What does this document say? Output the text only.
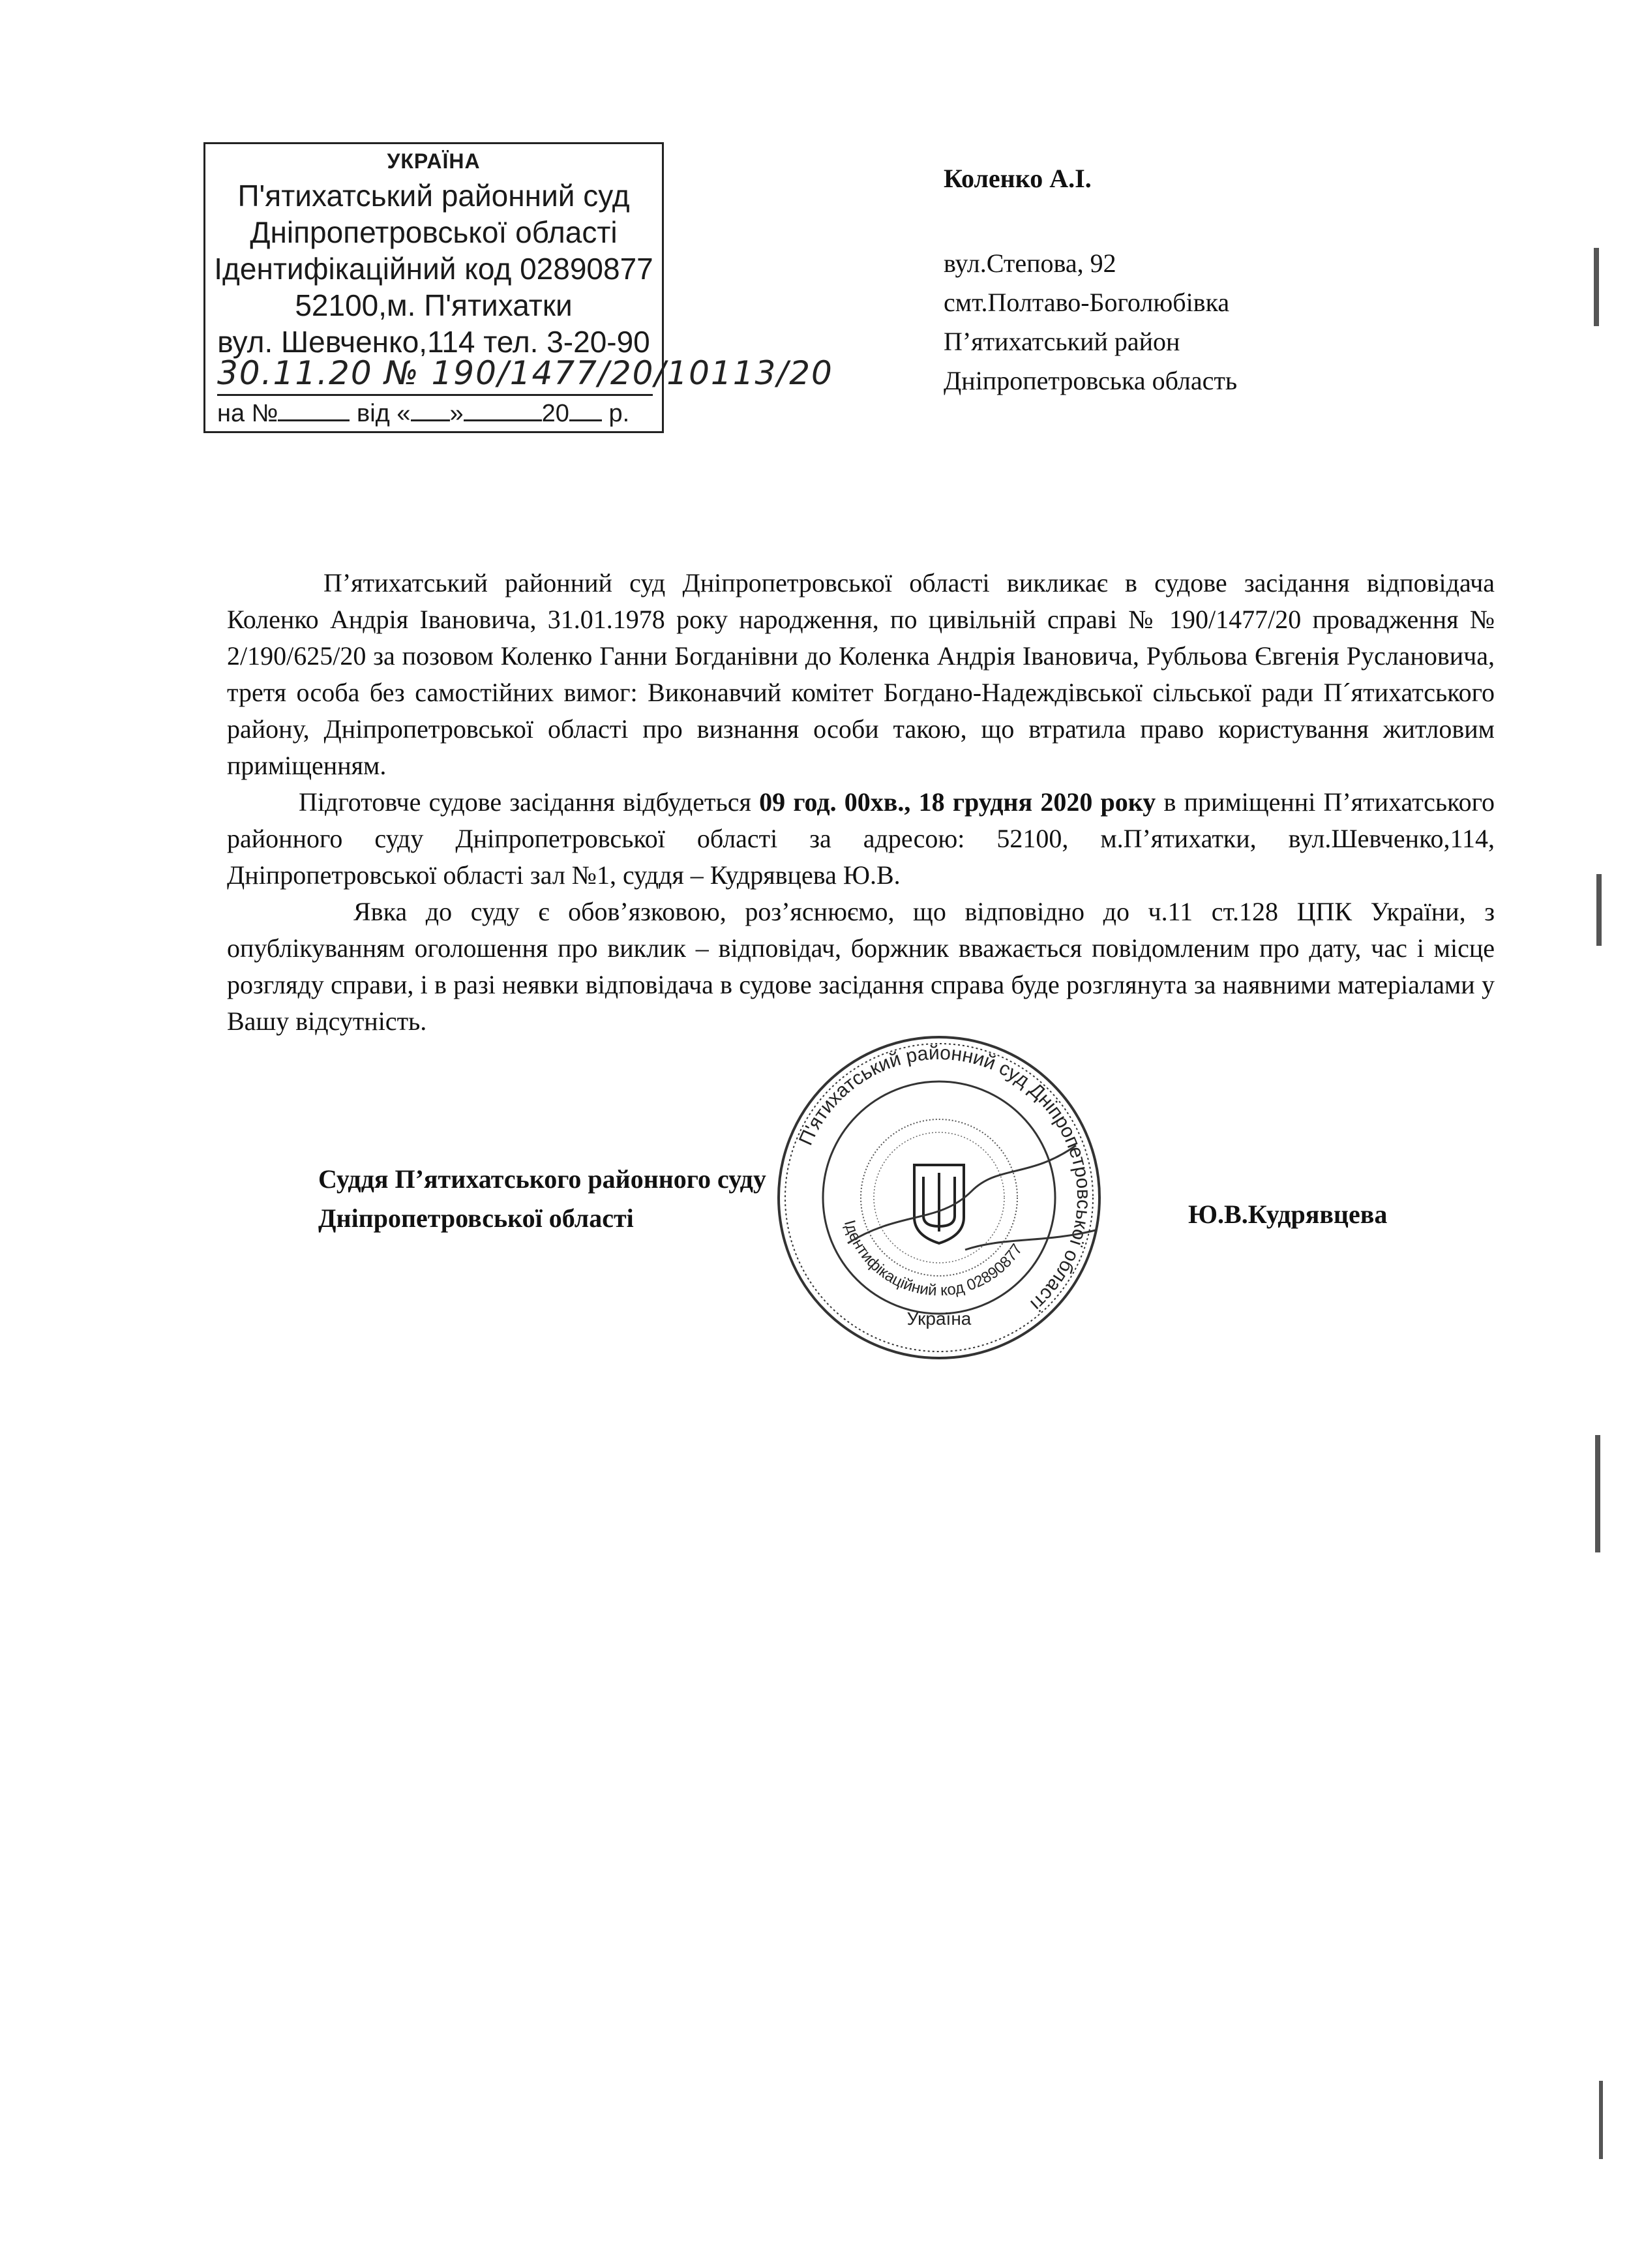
УКРАЇНА
П'ятихатський районний суд
Дніпропетровської області
Ідентифікаційний код 02890877
52100,м. П'ятихатки
вул. Шевченко,114 тел. 3-20-90
30.11.20 № 190/1477/20/10113/20
на №	від « »	20 р.
Коленко А.І.
вул.Степова, 92
смт.Полтаво-Боголюбівка
П’ятихатський район
Дніпропетровська область

П’ятихатський районний суд Дніпропетровської області викликає в судове засідання відповідача Коленко Андрія Івановича, 31.01.1978 року народження, по цивільній справі № 190/1477/20 провадження № 2/190/625/20 за позовом Коленко Ганни Богданівни до Коленка Андрія Івановича, Рубльова Євгенія Руслановича, третя особа без самостійних вимог: Виконавчий комітет Богдано-Надеждівської сільської ради П´ятихатського району, Дніпропетровської області про визнання особи такою, що втратила право користування житловим приміщенням.

Підготовче судове засідання відбудеться 09 год. 00хв., 18 грудня 2020 року в приміщенні П’ятихатського районного суду Дніпропетровської області за адресою: 52100, м.П’ятихатки, вул.Шевченко,114, Дніпропетровської області зал №1, суддя – Кудрявцева Ю.В.

Явка до суду є обов’язковою, роз’яснюємо, що відповідно до ч.11 ст.128 ЦПК України, з опублікуванням оголошення про виклик – відповідач, боржник вважається повідомленим про дату, час і місце розгляду справи, і в разі неявки відповідача в судове засідання справа буде розглянута за наявними матеріалами у Вашу відсутність.

П'ятихатський районний суд Дніпропетровської області
Ідентифікаційний код 02890877
Україна
Суддя П’ятихатського районного суду
Дніпропетровської області	Ю.В.Кудрявцева
